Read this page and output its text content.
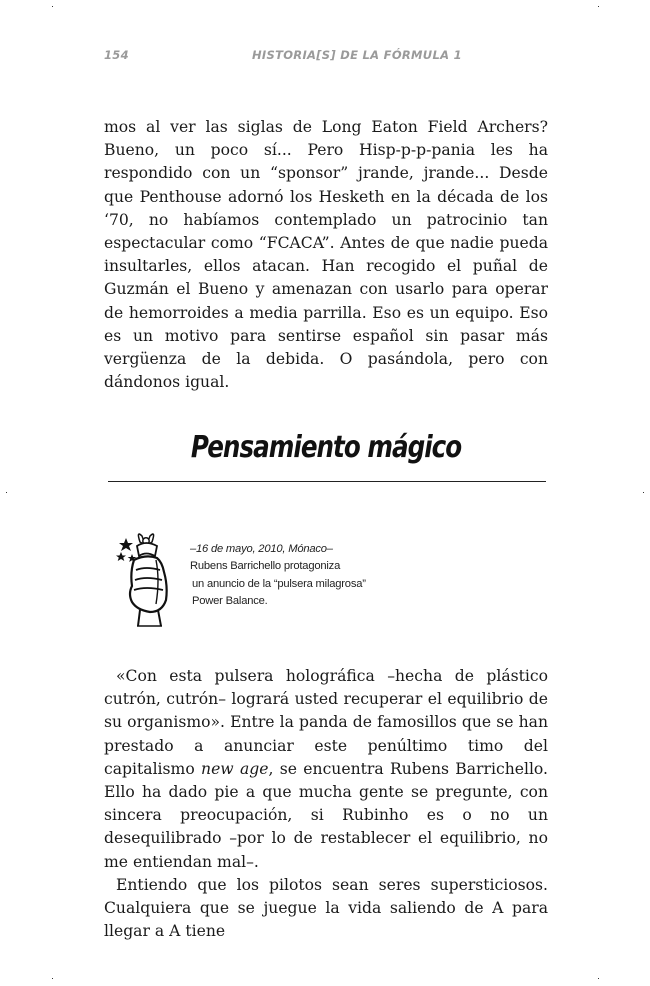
154	HISTORIA[S] DE LA FÓRMULA 1

mos al ver las siglas de Long Eaton Field Archers? Bueno, un poco sí... Pero Hisp-p-p-pania les ha respondido con un “sponsor” jrande, jrande... Desde que Penthouse adornó los Hesketh en la década de los ‘70, no habíamos contemplado un patrocinio tan espectacular como “FCACA”. Antes de que nadie pueda insultarles, ellos atacan. Han recogido el puñal de Guzmán el Bueno y amenazan con usarlo para operar de hemorroides a media parrilla. Eso es un equipo. Eso es un motivo para sentirse español sin pasar más vergüenza de la debida. O pasándola, pero con dándonos igual.

Pensamiento mágico
–16 de mayo, 2010, Mónaco–
Rubens Barrichello protagoniza
un anuncio de la “pulsera milagrosa”
Power Balance.

«Con esta pulsera holográfica –hecha de plástico cutrón, cutrón– logrará usted recuperar el equilibrio de su organismo». Entre la panda de famosillos que se han prestado a anunciar este penúltimo timo del capitalismo new age, se encuentra Rubens Barrichello. Ello ha dado pie a que mucha gente se pregunte, con sincera preocupación, si Rubinho es o no un desequilibrado –por lo de restablecer el equilibrio, no me entiendan mal–.

Entiendo que los pilotos sean seres supersticiosos. Cualquiera que se juegue la vida saliendo de A para llegar a A tiene
